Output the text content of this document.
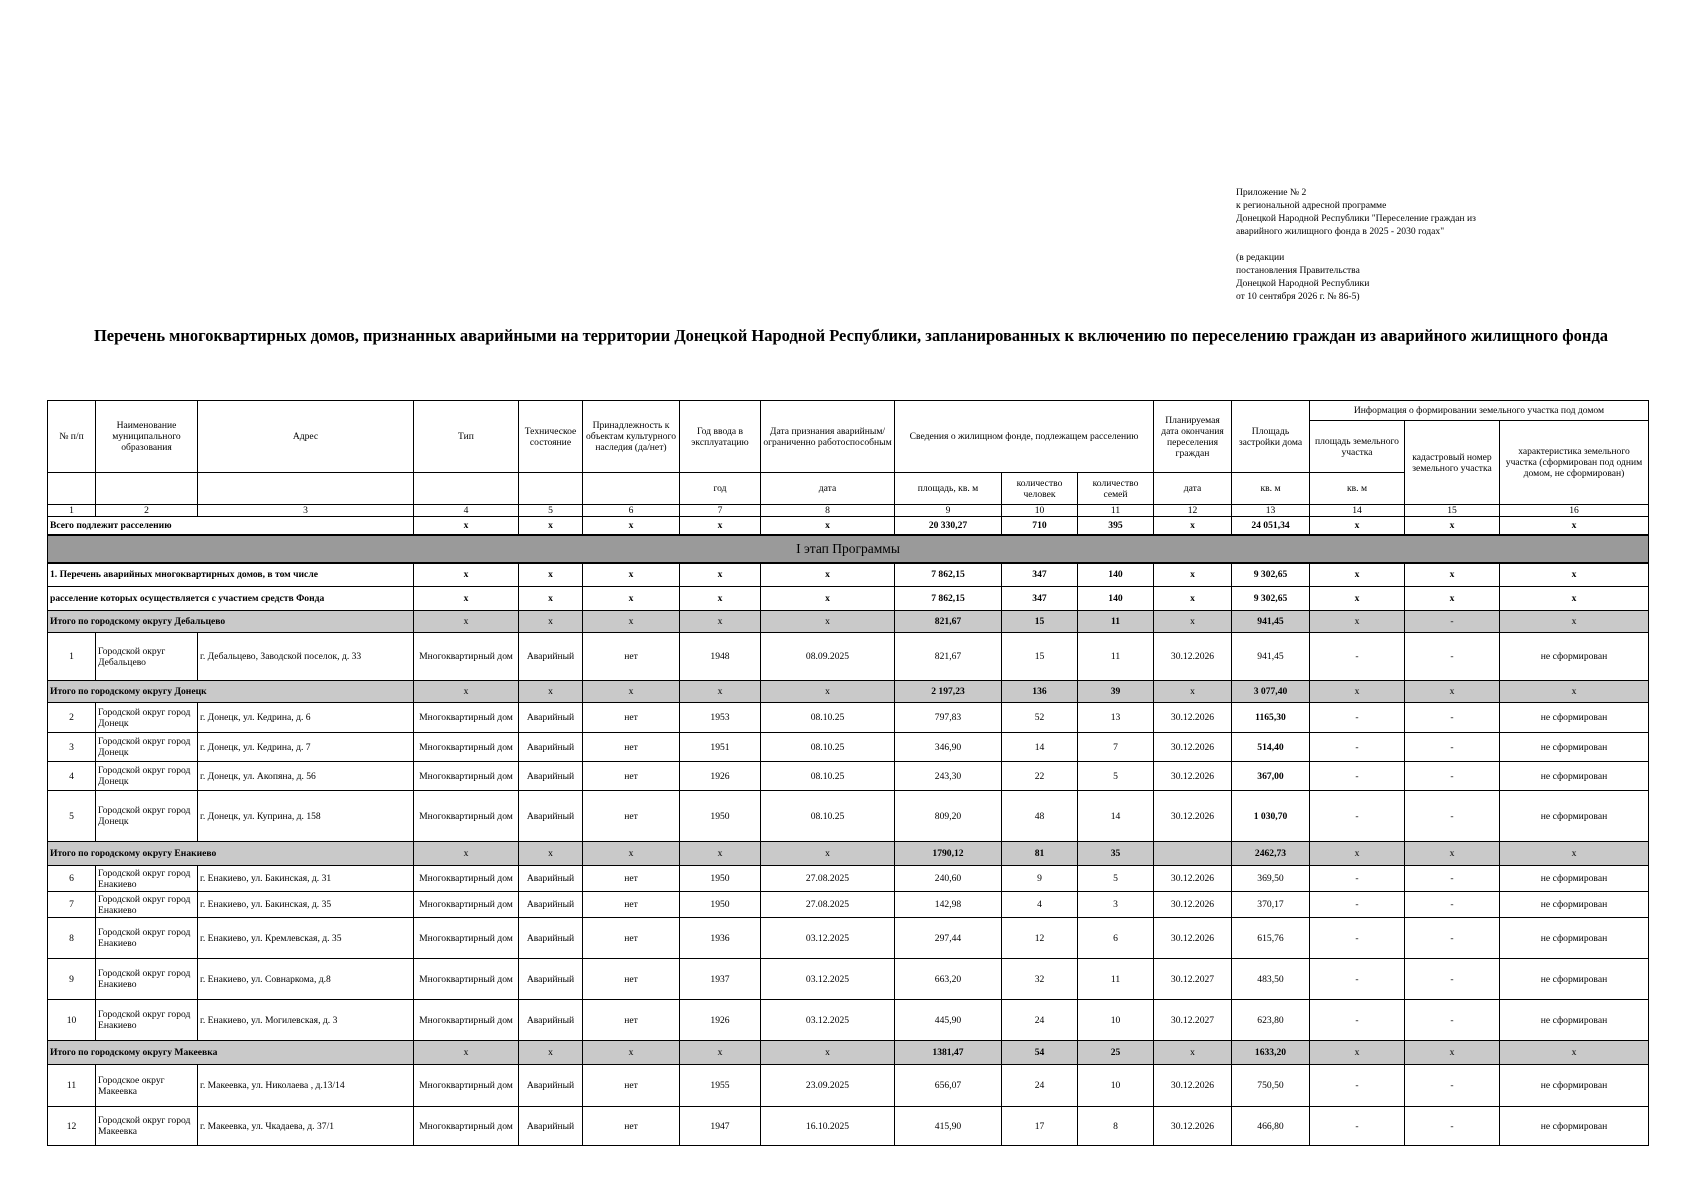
Приложение № 2
к региональной адресной программе
Донецкой Народной Республики "Переселение граждан из
аварийного жилищного фонда в 2025 - 2030 годах"
(в редакции
постановления Правительства
Донецкой Народной Республики
от 10 сентября 2026 г. № 86-5)
Перечень многоквартирных домов, признанных аварийными на территории Донецкой Народной Республики, запланированных к включению по переселению граждан из аварийного жилищного фонда
№ п/п	Наименование муниципального образования	Адрес	Тип	Техническое состояние	Принадлежность к объектам культурного наследия (да/нет)	Год ввода в эксплуатацию	Дата признания аварийным/ограниченно работоспособным	Сведения о жилищном фонде, подлежащем расселению			Планируемая дата окончания переселения граждан	Площадь застройки дома	Информация о формировании земельного участка под домом		
													площадь земельного участка	кадастровый номер земельного участка	характеристика земельного участка (сформирован под одним домом, не сформирован)
						год	дата	площадь, кв. м	количество человек	количество семей	дата	кв. м	кв. м		

1	2	3	4	5	6	7	8	9	10	11	12	13	14	15	16
Всего подлежит расселению			х	х	х	х	х	20 330,27	710	395	х	24 051,34	х	х	х
I этап Программы															
1. Перечень аварийных многоквартирных домов, в том числе			х	х	х	х	х	7 862,15	347	140	х	9 302,65	х	х	х
расселение которых осуществляется с участием средств Фонда			х	х	х	х	х	7 862,15	347	140	х	9 302,65	х	х	х
Итого по городскому округу Дебальцево			х	х	х	х	х	821,67	15	11	х	941,45	х	-	х
1	Городской округ Дебальцево	г. Дебальцево, Заводской поселок, д. 33	Многоквартирный дом	Аварийный	нет	1948	08.09.2025	821,67	15	11	30.12.2026	941,45	-	-	не сформирован
Итого по городскому округу Донецк			х	х	х	х	х	2 197,23	136	39	х	3 077,40	х	х	х
2	Городской округ город Донецк	г. Донецк, ул. Кедрина, д. 6	Многоквартирный дом	Аварийный	нет	1953	08.10.25	797,83	52	13	30.12.2026	1165,30	-	-	не сформирован
3	Городской округ город Донецк	г. Донецк, ул. Кедрина, д. 7	Многоквартирный дом	Аварийный	нет	1951	08.10.25	346,90	14	7	30.12.2026	514,40	-	-	не сформирован
4	Городской округ город Донецк	г. Донецк, ул. Акопяна, д. 56	Многоквартирный дом	Аварийный	нет	1926	08.10.25	243,30	22	5	30.12.2026	367,00	-	-	не сформирован
5	Городской округ город Донецк	г. Донецк, ул. Куприна, д. 158	Многоквартирный дом	Аварийный	нет	1950	08.10.25	809,20	48	14	30.12.2026	1 030,70	-	-	не сформирован
Итого по городскому округу Енакиево			х	х	х	х	х	1790,12	81	35		2462,73	х	х	х
6	Городской округ город Енакиево	г. Енакиево, ул. Бакинская, д. 31	Многоквартирный дом	Аварийный	нет	1950	27.08.2025	240,60	9	5	30.12.2026	369,50	-	-	не сформирован
7	Городской округ город Енакиево	г. Енакиево, ул. Бакинская, д. 35	Многоквартирный дом	Аварийный	нет	1950	27.08.2025	142,98	4	3	30.12.2026	370,17	-	-	не сформирован
8	Городской округ город Енакиево	г. Енакиево, ул. Кремлевская, д. 35	Многоквартирный дом	Аварийный	нет	1936	03.12.2025	297,44	12	6	30.12.2026	615,76	-	-	не сформирован
9	Городской округ город Енакиево	г. Енакиево, ул. Совнаркома, д.8	Многоквартирный дом	Аварийный	нет	1937	03.12.2025	663,20	32	11	30.12.2027	483,50	-	-	не сформирован
10	Городской округ город Енакиево	г. Енакиево, ул. Могилевская, д. 3	Многоквартирный дом	Аварийный	нет	1926	03.12.2025	445,90	24	10	30.12.2027	623,80	-	-	не сформирован
Итого по городскому округу Макеевка			х	х	х	х	х	1381,47	54	25	х	1633,20	х	х	х
11	Городское округ Макеевка	г. Макеевка, ул. Николаева , д.13/14	Многоквартирный дом	Аварийный	нет	1955	23.09.2025	656,07	24	10	30.12.2026	750,50	-	-	не сформирован
12	Городской округ город Макеевка	г. Макеевка, ул. Чкадаева, д. 37/1	Многоквартирный дом	Аварийный	нет	1947	16.10.2025	415,90	17	8	30.12.2026	466,80	-	-	не сформирован
